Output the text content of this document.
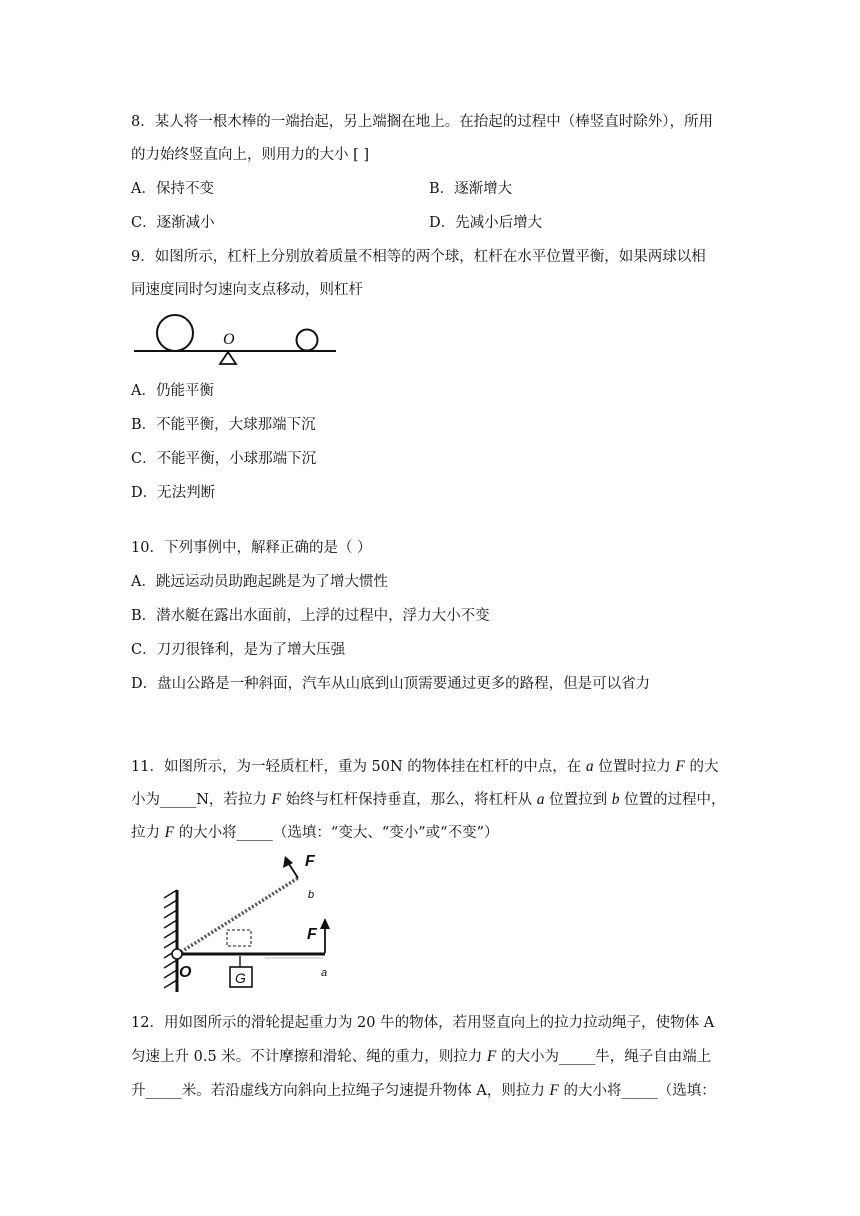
8．某人将一根木棒的一端抬起，另上端搁在地上。在抬起的过程中（棒竖直时除外），所用
的力始终竖直向上，则用力的大小 [ ]
A．保持不变	B．逐渐增大
C．逐渐减小	D．先减小后增大
9．如图所示，杠杆上分别放着质量不相等的两个球，杠杆在水平位置平衡，如果两球以相
同速度同时匀速向支点移动，则杠杆
O
A．仍能平衡
B．不能平衡，大球那端下沉
C．不能平衡，小球那端下沉
D．无法判断
10．下列事例中，解释正确的是（ ）
A．跳远运动员助跑起跳是为了增大惯性
B．潜水艇在露出水面前，上浮的过程中，浮力大小不变
C．刀刃很锋利，是为了增大压强
D．盘山公路是一种斜面，汽车从山底到山顶需要通过更多的路程，但是可以省力
11．如图所示，为一轻质杠杆，重为 50N 的物体挂在杠杆的中点，在 a 位置时拉力 F 的大
小为_____N，若拉力 F 始终与杠杆保持垂直，那么，将杠杆从 a 位置拉到 b 位置的过程中，
拉力 F 的大小将_____（选填：“变大、“变小”或“不变”）
G
F
b
F
O	a
12．用如图所示的滑轮提起重力为 20 牛的物体，若用竖直向上的拉力拉动绳子，使物体 A
匀速上升 0.5 米。不计摩擦和滑轮、绳的重力，则拉力 F 的大小为_____牛，绳子自由端上
升_____米。若沿虚线方向斜向上拉绳子匀速提升物体 A，则拉力 F 的大小将_____（选填：
